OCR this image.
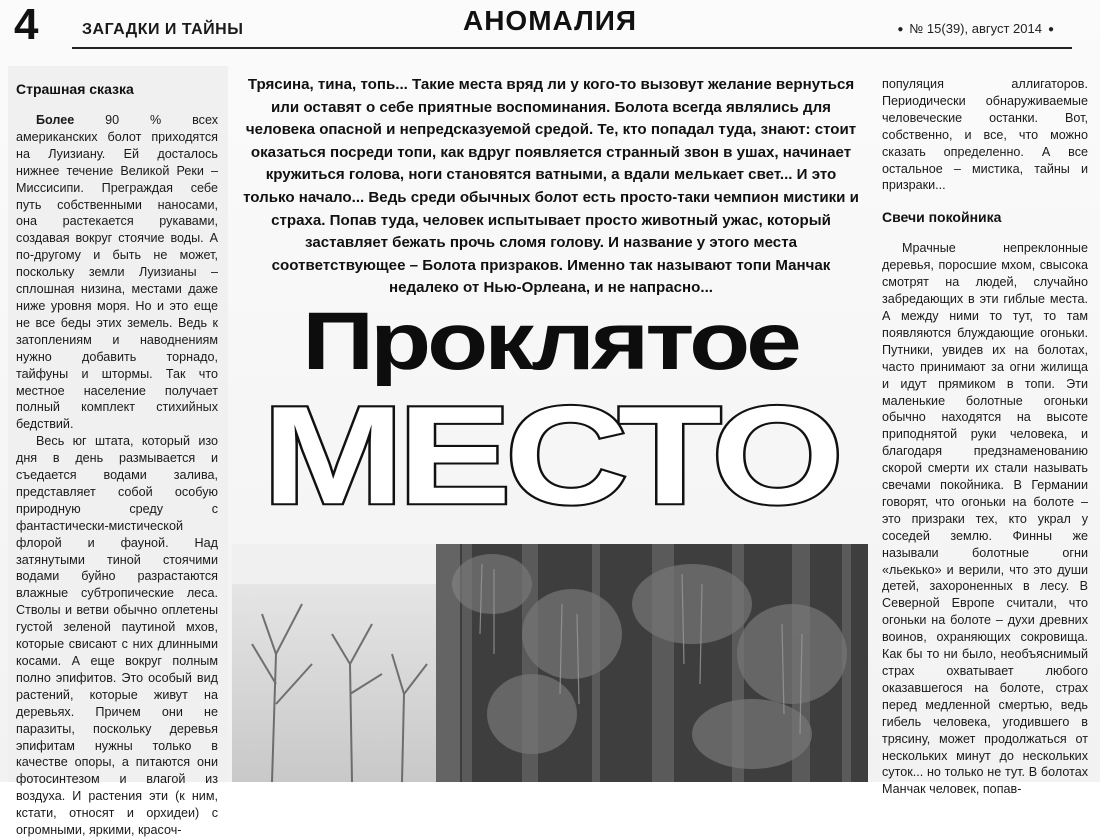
4	ЗАГАДКИ И ТАЙНЫ	АНОМАЛИЯ	● № 15(39), август 2014 ●
Страшная сказка

Более 90 % всех американских болот приходятся на Луизиану. Ей досталось нижнее течение Великой Реки – Миссисипи. Преграждая себе путь собственными наносами, она растекается рукавами, создавая вокруг стоячие воды. А по-другому и быть не может, поскольку земли Луизианы – сплошная низина, местами даже ниже уровня моря. Но и это еще не все беды этих земель. Ведь к затоплениям и наводнениям нужно добавить торнадо, тайфуны и штормы. Так что местное население получает полный комплект стихийных бедствий.

Весь юг штата, который изо дня в день размывается и съедается водами залива, представляет собой особую природную среду с фантастически-мистической флорой и фауной. Над затянутыми тиной стоячими водами буйно разрастаются влажные субтропические леса. Стволы и ветви обычно оплетены густой зеленой паутиной мхов, которые свисают с них длинными косами. А еще вокруг полным полно эпифитов. Это особый вид растений, которые живут на деревьях. Причем они не паразиты, поскольку деревья эпифитам нужны только в качестве опоры, а питаются они фотосинтезом и влагой из воздуха. И растения эти (к ним, кстати, относят и орхидеи) с огромными, яркими, красоч-

Трясина, тина, топь... Такие места вряд ли у кого-то вызовут желание вернуться или оставят о себе приятные воспоминания. Болота всегда являлись для человека опасной и непредсказуемой средой. Те, кто попадал туда, знают: стоит оказаться посреди топи, как вдруг появляется странный звон в ушах, начинает кружиться голова, ноги становятся ватными, а вдали мелькает свет... И это только начало... Ведь среди обычных болот есть просто-таки чемпион мистики и страха. Попав туда, человек испытывает просто животный ужас, который заставляет бежать прочь сломя голову. И название у этого места соответствующее – Болота призраков. Именно так называют топи Манчак недалеко от Нью-Орлеана, и не напрасно...
Проклятое
МЕСТО

популяция аллигаторов. Периодически обнаруживаемые человеческие останки. Вот, собственно, и все, что можно сказать определенно. А все остальное – мистика, тайны и призраки...

Свечи покойника

Мрачные непреклонные деревья, поросшие мхом, свысока смотрят на людей, случайно забредающих в эти гиблые места. А между ними то тут, то там появляются блуждающие огоньки. Путники, увидев их на болотах, часто принимают за огни жилища и идут прямиком в топи. Эти маленькие болотные огоньки обычно находятся на высоте приподнятой руки человека, и благодаря предзнаменованию скорой смерти их стали называть свечами покойника. В Германии говорят, что огоньки на болоте – это призраки тех, кто украл у соседей землю. Финны же называли болотные огни «льекько» и верили, что это души детей, захороненных в лесу. В Северной Европе считали, что огоньки на болоте – духи древних воинов, охраняющих сокровища. Как бы то ни было, необъяснимый страх охватывает любого оказавшегося на болоте, страх перед медленной смертью, ведь гибель человека, угодившего в трясину, может продолжаться от нескольких минут до нескольких суток... но только не тут. В болотах Манчак человек, попав-
